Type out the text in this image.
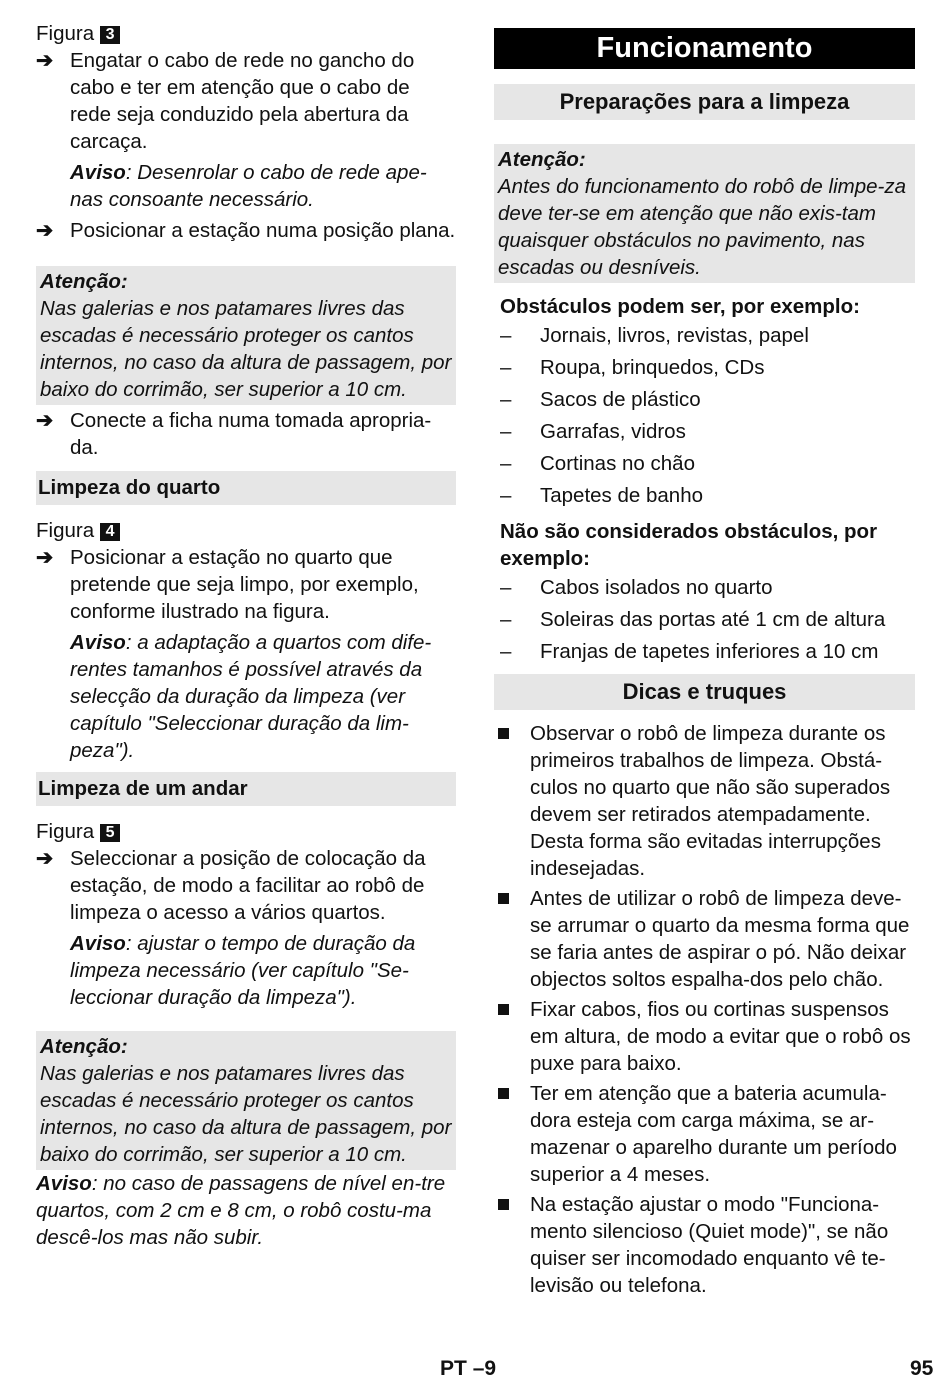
Figura 3

➔ Engatar o cabo de rede no gancho do cabo e ter em atenção que o cabo de rede seja conduzido pela abertura da carcaça.
Aviso: Desenrolar o cabo de rede ape-nas consoante necessário.
➔ Posicionar a estação numa posição plana.
Atenção:
Nas galerias e nos patamares livres das escadas é necessário proteger os cantos internos, no caso da altura de passagem, por baixo do corrimão, ser superior a 10 cm.
➔ Conecte a ficha numa tomada apropria-da.
Limpeza do quarto

Figura 4

➔ Posicionar a estação no quarto que pretende que seja limpo, por exemplo, conforme ilustrado na figura.
Aviso: a adaptação a quartos com dife-rentes tamanhos é possível através da selecção da duração da limpeza (ver capítulo "Seleccionar duração da lim-peza").
Limpeza de um andar

Figura 5

➔ Seleccionar a posição de colocação da estação, de modo a facilitar ao robô de limpeza o acesso a vários quartos.
Aviso: ajustar o tempo de duração da limpeza necessário (ver capítulo "Se-leccionar duração da limpeza").
Atenção:
Nas galerias e nos patamares livres das escadas é necessário proteger os cantos internos, no caso da altura de passagem, por baixo do corrimão, ser superior a 10 cm.
Aviso: no caso de passagens de nível en-tre quartos, com 2 cm e 8 cm, o robô costu-ma descê-los mas não subir.
Funcionamento
Preparações para a limpeza
Atenção:
Antes do funcionamento do robô de limpe-za deve ter-se em atenção que não exis-tam quaisquer obstáculos no pavimento, nas escadas ou desníveis.
Obstáculos podem ser, por exemplo:
– Jornais, livros, revistas, papel
– Roupa, brinquedos, CDs
– Sacos de plástico
– Garrafas, vidros
– Cortinas no chão
– Tapetes de banho
Não são considerados obstáculos, por exemplo:
– Cabos isolados no quarto
– Soleiras das portas até 1 cm de altura
– Franjas de tapetes inferiores a 10 cm
Dicas e truques
Observar o robô de limpeza durante os primeiros trabalhos de limpeza. Obstá-culos no quarto que não são superados devem ser retirados atempadamente. Desta forma são evitadas interrupções indesejadas.
Antes de utilizar o robô de limpeza deve-se arrumar o quarto da mesma forma que se faria antes de aspirar o pó. Não deixar objectos soltos espalha-dos pelo chão.
Fixar cabos, fios ou cortinas suspensos em altura, de modo a evitar que o robô os puxe para baixo.
Ter em atenção que a bateria acumula-dora esteja com carga máxima, se ar-mazenar o aparelho durante um período superior a 4 meses.
Na estação ajustar o modo "Funciona-mento silencioso (Quiet mode)", se não quiser ser incomodado enquanto vê te-levisão ou telefona.
PT –9	95
